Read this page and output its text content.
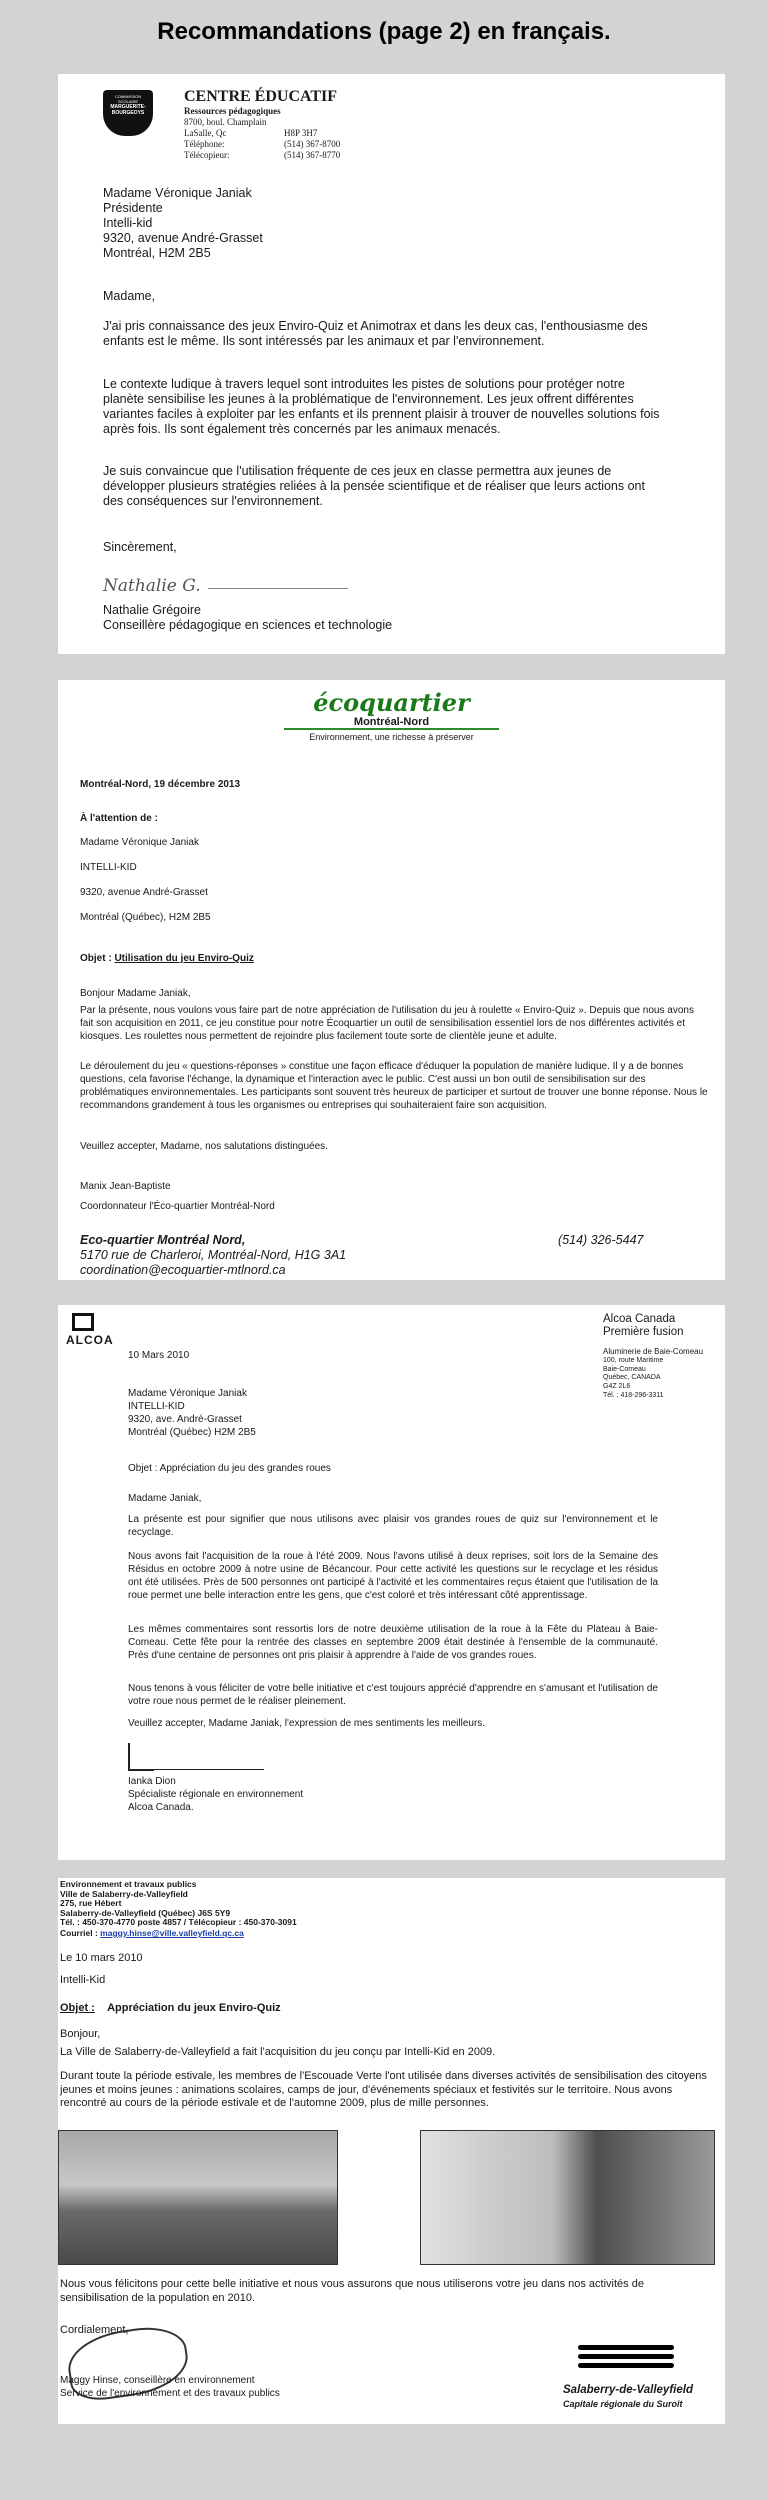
Recommandations (page 2) en français.
COMMISSION
SCOLAIRE
MARGUERITE-
BOURGEOYS
CENTRE ÉDUCATIF
Ressources pédagogiques
8700, boul. Champlain
LaSalle, Qc	H8P 3H7
Téléphone:	(514) 367-8700
Télécopieur:	(514) 367-8770
Madame Véronique Janiak
Présidente
Intelli-kid
9320, avenue André-Grasset
Montréal, H2M 2B5
Madame,
J'ai pris connaissance des jeux Enviro-Quiz et Animotrax et dans les deux cas, l'enthousiasme des enfants est le même. Ils sont intéressés par les animaux et par l'environnement.
Le contexte ludique à travers lequel sont introduites les pistes de solutions pour protéger notre planète sensibilise les jeunes à la problématique de l'environnement. Les jeux offrent différentes variantes faciles à exploiter par les enfants et ils prennent plaisir à trouver de nouvelles solutions fois après fois. Ils sont également très concernés par les animaux menacés.
Je suis convaincue que l'utilisation fréquente de ces jeux en classe permettra aux jeunes de développer plusieurs stratégies reliées à la pensée scientifique et de réaliser que leurs actions ont des conséquences sur l'environnement.
Sincèrement,
Nathalie G.
Nathalie Grégoire
Conseillère pédagogique en sciences et technologie
écoquartier
Montréal-Nord
Environnement, une richesse à préserver
Montréal-Nord, 19 décembre 2013
À l'attention de :
Madame Véronique Janiak
INTELLI-KID
9320, avenue André-Grasset
Montréal (Québec), H2M 2B5
Objet : Utilisation du jeu Enviro-Quiz
Bonjour Madame Janiak,
Par la présente, nous voulons vous faire part de notre appréciation de l'utilisation du jeu à roulette « Enviro-Quiz ». Depuis que nous avons fait son acquisition en 2011, ce jeu constitue pour notre Écoquartier un outil de sensibilisation essentiel lors de nos différentes activités et kiosques. Les roulettes nous permettent de rejoindre plus facilement toute sorte de clientèle jeune et adulte.
Le déroulement du jeu « questions-réponses » constitue une façon efficace d'éduquer la population de manière ludique. Il y a de bonnes questions, cela favorise l'échange, la dynamique et l'interaction avec le public. C'est aussi un bon outil de sensibilisation sur des problématiques environnementales. Les participants sont souvent très heureux de participer et surtout de trouver une bonne réponse. Nous le recommandons grandement à tous les organismes ou entreprises qui souhaiteraient faire son acquisition.
Veuillez accepter, Madame, nos salutations distinguées.
Manix Jean-Baptiste
Coordonnateur l'Éco-quartier Montréal-Nord
Eco-quartier Montréal Nord,	(514) 326-5447
5170 rue de Charleroi, Montréal-Nord, H1G 3A1
coordination@ecoquartier-mtlnord.ca
ALCOA
Alcoa Canada
Première fusion
Aluminerie de Baie-Comeau
100, route Maritime
Baie-Comeau
Québec, CANADA
G4Z 2L6
Tél. : 418-296-3311
10 Mars 2010
Madame Véronique Janiak
INTELLI-KID
9320, ave. André-Grasset
Montréal (Québec) H2M 2B5
Objet : Appréciation du jeu des grandes roues
Madame Janiak,
La présente est pour signifier que nous utilisons avec plaisir vos grandes roues de quiz sur l'environnement et le recyclage.
Nous avons fait l'acquisition de la roue à l'été 2009. Nous l'avons utilisé à deux reprises, soit lors de la Semaine des Résidus en octobre 2009 à notre usine de Bécancour. Pour cette activité les questions sur le recyclage et les résidus ont été utilisées. Près de 500 personnes ont participé à l'activité et les commentaires reçus étaient que l'utilisation de la roue permet une belle interaction entre les gens, que c'est coloré et très intéressant côté apprentissage.
Les mêmes commentaires sont ressortis lors de notre deuxième utilisation de la roue à la Fête du Plateau à Baie-Comeau. Cette fête pour la rentrée des classes en septembre 2009 était destinée à l'ensemble de la communauté. Près d'une centaine de personnes ont pris plaisir à apprendre à l'aide de vos grandes roues.
Nous tenons à vous féliciter de votre belle initiative et c'est toujours apprécié d'apprendre en s'amusant et l'utilisation de votre roue nous permet de le réaliser pleinement.
Veuillez accepter, Madame Janiak, l'expression de mes sentiments les meilleurs.
Ianka Dion
Spécialiste régionale en environnement
Alcoa Canada.
Environnement et travaux publics
Ville de Salaberry-de-Valleyfield
275, rue Hébert
Salaberry-de-Valleyfield (Québec) J6S 5Y9
Tél. : 450-370-4770 poste 4857 / Télécopieur : 450-370-3091
Courriel : maggy.hinse@ville.valleyfield.qc.ca
Le 10 mars 2010
Intelli-Kid
Objet : Appréciation du jeux Enviro-Quiz
Bonjour,
La Ville de Salaberry-de-Valleyfield a fait l'acquisition du jeu conçu par Intelli-Kid en 2009.
Durant toute la période estivale, les membres de l'Escouade Verte l'ont utilisée dans diverses activités de sensibilisation des citoyens jeunes et moins jeunes : animations scolaires, camps de jour, d'événements spéciaux et festivités sur le territoire. Nous avons rencontré au cours de la période estivale et de l'automne 2009, plus de mille personnes.
Nous vous félicitons pour cette belle initiative et nous vous assurons que nous utiliserons votre jeu dans nos activités de sensibilisation de la population en 2010.
Cordialement,
Maggy Hinse, conseillère en environnement
Service de l'environnement et des travaux publics	Salaberry-de-Valleyfield
Capitale régionale du Suroît
